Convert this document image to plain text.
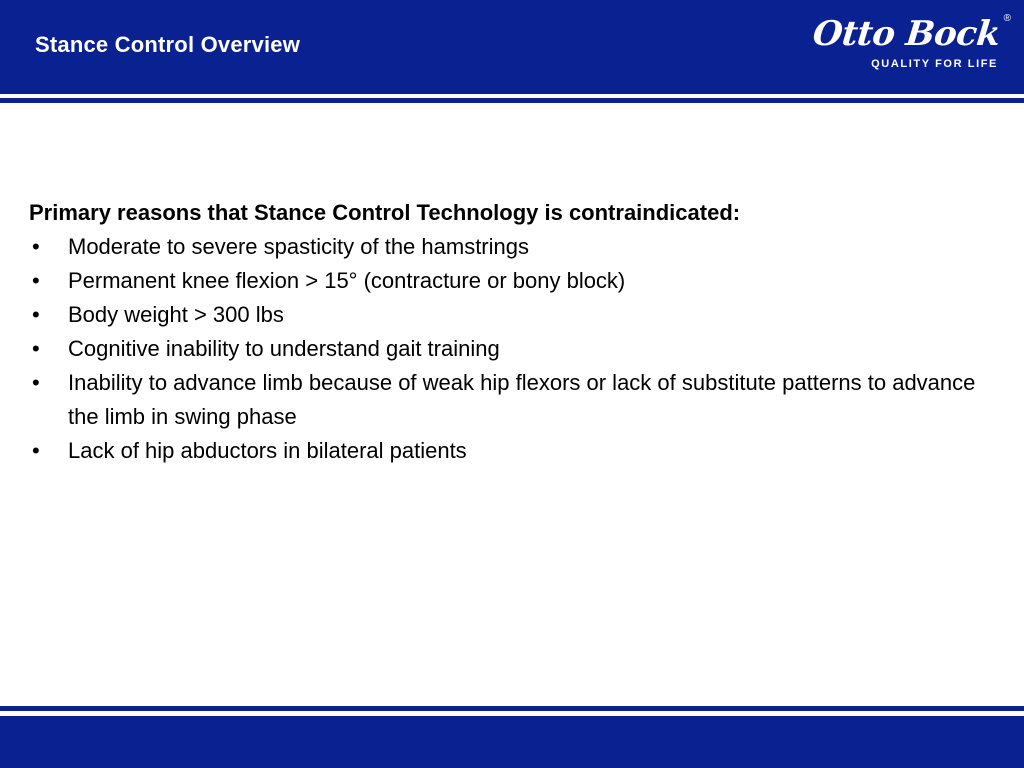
Stance Control Overview	Otto Bock ®
QUALITY FOR LIFE
Primary reasons that Stance Control Technology is contraindicated:
• Moderate to severe spasticity of the hamstrings
• Permanent knee flexion > 15° (contracture or bony block)
• Body weight > 300 lbs
• Cognitive inability to understand gait training
• Inability to advance limb because of weak hip flexors or lack of substitute patterns to advance the limb in swing phase
• Lack of hip abductors in bilateral patients
